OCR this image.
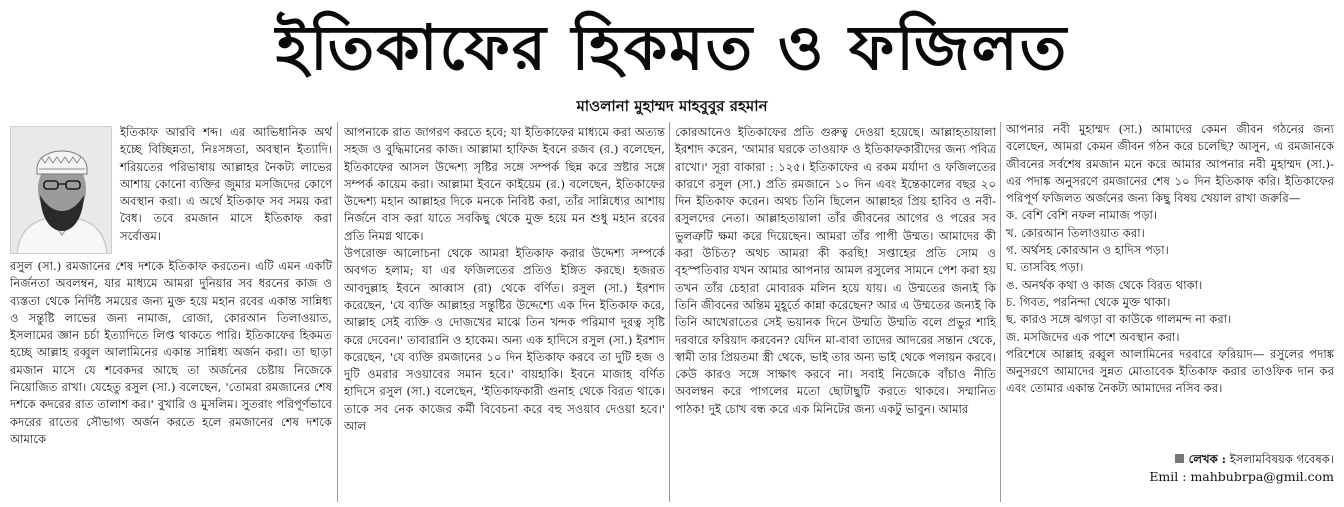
ইতিকাফের হিকমত ও ফজিলত
মাওলানা মুহাম্মদ মাহবুবুর রহমান

ইতিকাফ আরবি শব্দ। এর আভিধানিক অর্থ হচ্ছে বিচ্ছিন্নতা, নিঃসঙ্গতা, অবস্থান ইত্যাদি। শরিয়তের পরিভাষায় আল্লাহর নৈকট্য লাভের আশায় কোনো ব্যক্তির জুমার মসজিদের কোণে অবস্থান করা। এ অর্থে ইতিকাফ সব সময় করা বৈধ। তবে রমজান মাসে ইতিকাফ করা সর্বোত্তম।

রসুল (সা.) রমজানের শেষ দশকে ইতিকাফ করতেন। এটি এমন একটি নির্জনতা অবলম্বন, যার মাধ্যমে আমরা দুনিয়ার সব ধরনের কাজ ও ব্যস্ততা থেকে নির্দিষ্ট সময়ের জন্য মুক্ত হয়ে মহান রবের একান্ত সান্নিধ্য ও সন্তুষ্টি লাভের জন্য নামাজ, রোজা, কোরআন তিলাওয়াত, ইসলামের জ্ঞান চর্চা ইত্যাদিতে লিপ্ত থাকতে পারি। ইতিকাফের হিকমত হচ্ছে আল্লাহ রব্বুল আলামিনের একান্ত সান্নিধ্য অর্জন করা। তা ছাড়া রমজান মাসে যে শবেকদর আছে তা অর্জনের চেষ্টায় নিজেকে নিয়োজিত রাখা। যেহেতু রসুল (সা.) বলেছেন, 'তোমরা রমজানের শেষ দশকে কদরের রাত তালাশ কর।' বুখারি ও মুসলিম। সুতরাং পরিপূর্ণভাবে কদরের রাতের সৌভাগ্য অর্জন করতে হলে রমজানের শেষ দশকে আমাকে

আপনাকে রাত জাগরণ করতে হবে; যা ইতিকাফের মাধ্যমে করা অত্যন্ত সহজ ও বুদ্ধিমানের কাজ। আল্লামা হাফিজ ইবনে রজব (র.) বলেছেন, ইতিকাফের আসল উদ্দেশ্য সৃষ্টির সঙ্গে সম্পর্ক ছিন্ন করে স্রষ্টার সঙ্গে সম্পর্ক কায়েম করা। আল্লামা ইবনে কাইয়েম (র.) বলেছেন, ইতিকাফের উদ্দেশ্য মহান আল্লাহর দিকে মনকে নিবিষ্ট করা, তাঁর সান্নিধ্যের আশায় নির্জনে বাস করা যাতে সবকিছু থেকে মুক্ত হয়ে মন শুধু মহান রবের প্রতি নিমগ্ন থাকে।

উপরোক্ত আলোচনা থেকে আমরা ইতিকাফ করার উদ্দেশ্য সম্পর্কে অবগত হলাম; যা এর ফজিলতের প্রতিও ইঙ্গিত করছে। হজরত আবদুল্লাহ ইবনে আব্বাস (রা) থেকে বর্ণিত। রসুল (সা.) ইরশাদ করেছেন, 'যে ব্যক্তি আল্লাহর সন্তুষ্টির উদ্দেশ্যে এক দিন ইতিকাফ করে, আল্লাহ সেই ব্যক্তি ও দোজখের মাঝে তিন খন্দক পরিমাণ দূরত্ব সৃষ্টি করে দেবেন।' তাবারানি ও হাকেম। অন্য এক হাদিসে রসুল (সা.) ইরশাদ করেছেন, 'যে ব্যক্তি রমজানের ১০ দিন ইতিকাফ করবে তা দুটি হজ ও দুটি ওমরার সওয়াবের সমান হবে।' বায়হাকি। ইবনে মাজাহ বর্ণিত হাদিসে রসুল (সা.) বলেছেন, 'ইতিকাফকারী গুনাহ থেকে বিরত থাকে। তাকে সব নেক কাজের কর্মী বিবেচনা করে বহু সওয়াব দেওয়া হবে।' আল

কোরআনেও ইতিকাফের প্রতি গুরুত্ব দেওয়া হয়েছে। আল্লাহতায়ালা ইরশাদ করেন, 'আমার ঘরকে তাওয়াফ ও ইতিকাফকারীদের জন্য পবিত্র রাখো।' সূরা বাকারা : ১২৫। ইতিকাফের এ রকম মর্যাদা ও ফজিলতের কারণে রসুল (সা.) প্রতি রমজানে ১০ দিন এবং ইন্তেকালের বছর ২০ দিন ইতিকাফ করেন। অথচ তিনি ছিলেন আল্লাহর প্রিয় হাবিব ও নবী-রসুলদের নেতা। আল্লাহতায়ালা তাঁর জীবনের আগের ও পরের সব ভুলত্রুটি ক্ষমা করে দিয়েছেন। আমরা তাঁর পাপী উম্মত। আমাদের কী করা উচিত? অথচ আমরা কী করছি! সপ্তাহের প্রতি সোম ও বৃহস্পতিবার যখন আমার আপনার আমল রসুলের সামনে পেশ করা হয় তখন তাঁর চেহারা মোবারক মলিন হয়ে যায়। এ উম্মতের জন্যই কি তিনি জীবনের অন্তিম মুহূর্তে কান্না করেছেন? আর এ উম্মতের জন্যই কি তিনি আখেরাতের সেই ভয়ানক দিনে উম্মতি উম্মতি বলে প্রভুর শাহি দরবারে ফরিয়াদ করবেন? যেদিন মা-বাবা তাদের আদরের সন্তান থেকে, স্বামী তার প্রিয়তমা স্ত্রী থেকে, ভাই তার অন্য ভাই থেকে পলায়ন করবে। কেউ কারও সঙ্গে সাক্ষাৎ করবে না। সবাই নিজেকে বাঁচাও নীতি অবলম্বন করে পাগলের মতো ছোটাছুটি করতে থাকবে। সম্মানিত পাঠক! দুই চোখ বন্ধ করে এক মিনিটের জন্য একটু ভাবুন। আমার

আপনার নবী মুহাম্মদ (সা.) আমাদের কেমন জীবন গঠনের জন্য বলেছেন, আমরা কেমন জীবন গঠন করে চলেছি? আসুন, এ রমজানকে জীবনের সর্বশেষ রমজান মনে করে আমার আপনার নবী মুহাম্মদ (সা.)-এর পদাঙ্ক অনুসরণে রমজানের শেষ ১০ দিন ইতিকাফ করি। ইতিকাফের পরিপূর্ণ ফজিলত অর্জনের জন্য কিছু বিষয় খেয়াল রাখা জরুরি—

ক. বেশি বেশি নফল নামাজ পড়া।
খ. কোরআন তিলাওয়াত করা।
গ. অর্থসহ কোরআন ও হাদিস পড়া।
ঘ. তাসবিহ পড়া।
ঙ. অনর্থক কথা ও কাজ থেকে বিরত থাকা।
চ. গিবত, পরনিন্দা থেকে মুক্ত থাকা।
ছ. কারও সঙ্গে ঝগড়া বা কাউকে গালমন্দ না করা।
জ. মসজিদের এক পাশে অবস্থান করা।

পরিশেষে আল্লাহ রব্বুল আলামিনের দরবারে ফরিয়াদ— রসুলের পদাঙ্ক অনুসরণে আমাদের সুন্নত মোতাবেক ইতিকাফ করার তাওফিক দান কর এবং তোমার একান্ত নৈকট্য আমাদের নসিব কর।

লেখক : ইসলামবিষয়ক গবেষক।
Emil : mahbubrpa@gmil.com
